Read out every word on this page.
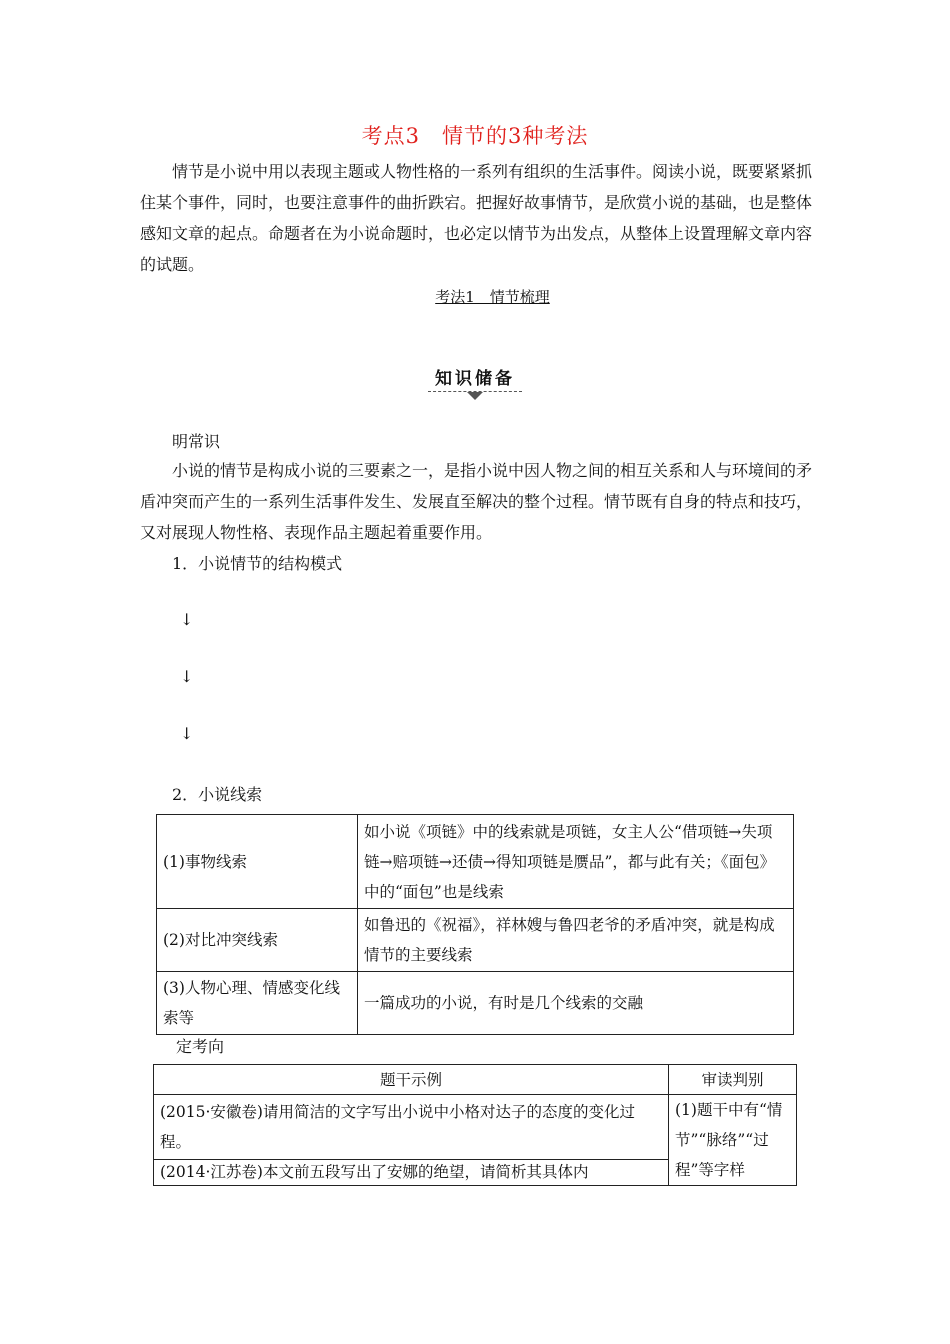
考点3　情节的3种考法
情节是小说中用以表现主题或人物性格的一系列有组织的生活事件。阅读小说，既要紧紧抓住某个事件，同时，也要注意事件的曲折跌宕。把握好故事情节，是欣赏小说的基础，也是整体感知文章的起点。命题者在为小说命题时，也必定以情节为出发点，从整体上设置理解文章内容的试题。
考法1　情节梳理
知识储备
明常识
小说的情节是构成小说的三要素之一，是指小说中因人物之间的相互关系和人与环境间的矛盾冲突而产生的一系列生活事件发生、发展直至解决的整个过程。情节既有自身的特点和技巧，又对展现人物性格、表现作品主题起着重要作用。
1．小说情节的结构模式
↓
↓
↓
2．小说线索
(1)事物线索	如小说《项链》中的线索就是项链，女主人公“借项链→失项链→赔项链→还债→得知项链是赝品”，都与此有关；《面包》中的“面包”也是线索
(2)对比冲突线索	如鲁迅的《祝福》，祥林嫂与鲁四老爷的矛盾冲突，就是构成情节的主要线索
(3)人物心理、情感变化线索等	一篇成功的小说，有时是几个线索的交融
定考向
题干示例	审读判别
(2015·安徽卷)请用简洁的文字写出小说中小格对达子的态度的变化过程。	(1)题干中有“情节”“脉络”“过程”等字样
(2014·江苏卷)本文前五段写出了安娜的绝望，请简析其具体内	
